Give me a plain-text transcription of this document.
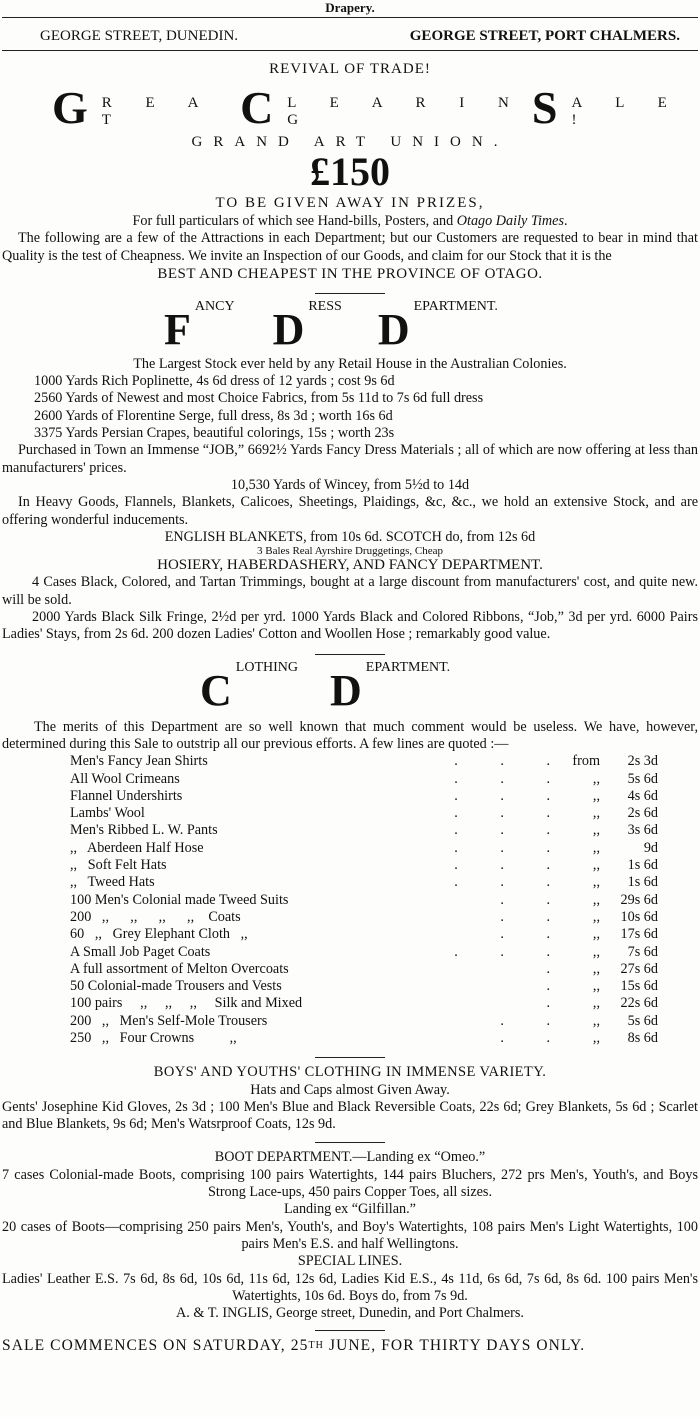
Drapery.
GEORGE STREET, DUNEDIN.	GEORGE STREET, PORT CHALMERS.
REVIVAL OF TRADE!
G R E A T	C L E A R I N G	S A L E !
GRAND ART UNION.
£150
TO BE GIVEN AWAY IN PRIZES,
For full particulars of which see Hand-bills, Posters, and Otago Daily Times.
The following are a few of the Attractions in each Department; but our Customers are requested to bear in mind that Quality is the test of Cheapness. We invite an Inspection of our Goods, and claim for our Stock that it is the
BEST AND CHEAPEST IN THE PROVINCE OF OTAGO.
F ANCY D RESS D EPARTMENT.
The Largest Stock ever held by any Retail House in the Australian Colonies.
1000 Yards Rich Poplinette, 4s 6d dress of 12 yards ; cost 9s 6d
2560 Yards of Newest and most Choice Fabrics, from 5s 11d to 7s 6d full dress
2600 Yards of Florentine Serge, full dress, 8s 3d ; worth 16s 6d
3375 Yards Persian Crapes, beautiful colorings, 15s ; worth 23s
Purchased in Town an Immense “JOB,” 6692½ Yards Fancy Dress Materials ; all of which are now offering at less than manufacturers' prices.
10,530 Yards of Wincey, from 5½d to 14d
In Heavy Goods, Flannels, Blankets, Calicoes, Sheetings, Plaidings, &c, &c., we hold an extensive Stock, and are offering wonderful inducements.
ENGLISH BLANKETS, from 10s 6d. SCOTCH do, from 12s 6d
3 Bales Real Ayrshire Druggetings, Cheap
HOSIERY, HABERDASHERY, AND FANCY DEPARTMENT.
4 Cases Black, Colored, and Tartan Trimmings, bought at a large discount from manufacturers' cost, and quite new. will be sold.
2000 Yards Black Silk Fringe, 2½d per yrd. 1000 Yards Black and Colored Ribbons, “Job,” 3d per yrd. 6000 Pairs Ladies' Stays, from 2s 6d. 200 dozen Ladies' Cotton and Woollen Hose ; remarkably good value.
C LOTHING D EPARTMENT.
The merits of this Department are so well known that much comment would be useless. We have, however, determined during this Sale to outstrip all our previous efforts. A few lines are quoted :—
Men's Fancy Jean Shirts	.            .            .	from	2s 3d
All Wool Crimeans	.            .            .	,,	5s 6d
Flannel Undershirts	.            .            .	,,	4s 6d
Lambs' Wool	.            .            .	,,	2s 6d
Men's Ribbed L. W. Pants	.            .            .	,,	3s 6d
,,   Aberdeen Half Hose	.            .            .	,,	9d
,,   Soft Felt Hats	.            .            .	,,	1s 6d
,,   Tweed Hats	.            .            .	,,	1s 6d
100 Men's Colonial made Tweed Suits	.            .	,,	29s 6d
200   ,,      ,,      ,,      ,,    Coats	.            .	,,	10s 6d
60   ,,   Grey Elephant Cloth   ,,	.            .	,,	17s 6d
A Small Job Paget Coats	.            .            .	,,	7s 6d
A full assortment of Melton Overcoats	.	,,	27s 6d
50 Colonial-made Trousers and Vests	.	,,	15s 6d
100 pairs     ,,     ,,     ,,     Silk and Mixed	.	,,	22s 6d
200   ,,   Men's Self-Mole Trousers	.            .	,,	5s 6d
250   ,,   Four Crowns          ,,	.            .	,,	8s 6d
BOYS' AND YOUTHS' CLOTHING IN IMMENSE VARIETY.
Hats and Caps almost Given Away.
Gents' Josephine Kid Gloves, 2s 3d ; 100 Men's Blue and Black Reversible Coats, 22s 6d; Grey Blankets, 5s 6d ; Scarlet and Blue Blankets, 9s 6d; Men's Watsrproof Coats, 12s 9d.
BOOT DEPARTMENT.—Landing ex “Omeo.”
7 cases Colonial-made Boots, comprising 100 pairs Watertights, 144 pairs Bluchers, 272 prs Men's, Youth's, and Boys Strong Lace-ups, 450 pairs Copper Toes, all sizes.
Landing ex “Gilfillan.”
20 cases of Boots—comprising 250 pairs Men's, Youth's, and Boy's Watertights, 108 pairs Men's Light Watertights, 100 pairs Men's E.S. and half Wellingtons.
SPECIAL LINES.
Ladies' Leather E.S. 7s 6d, 8s 6d, 10s 6d, 11s 6d, 12s 6d, Ladies Kid E.S., 4s 11d, 6s 6d, 7s 6d, 8s 6d. 100 pairs Men's Watertights, 10s 6d. Boys do, from 7s 9d.
A. & T. INGLIS, George street, Dunedin, and Port Chalmers.
SALE COMMENCES ON SATURDAY, 25TH JUNE, FOR THIRTY DAYS ONLY.
